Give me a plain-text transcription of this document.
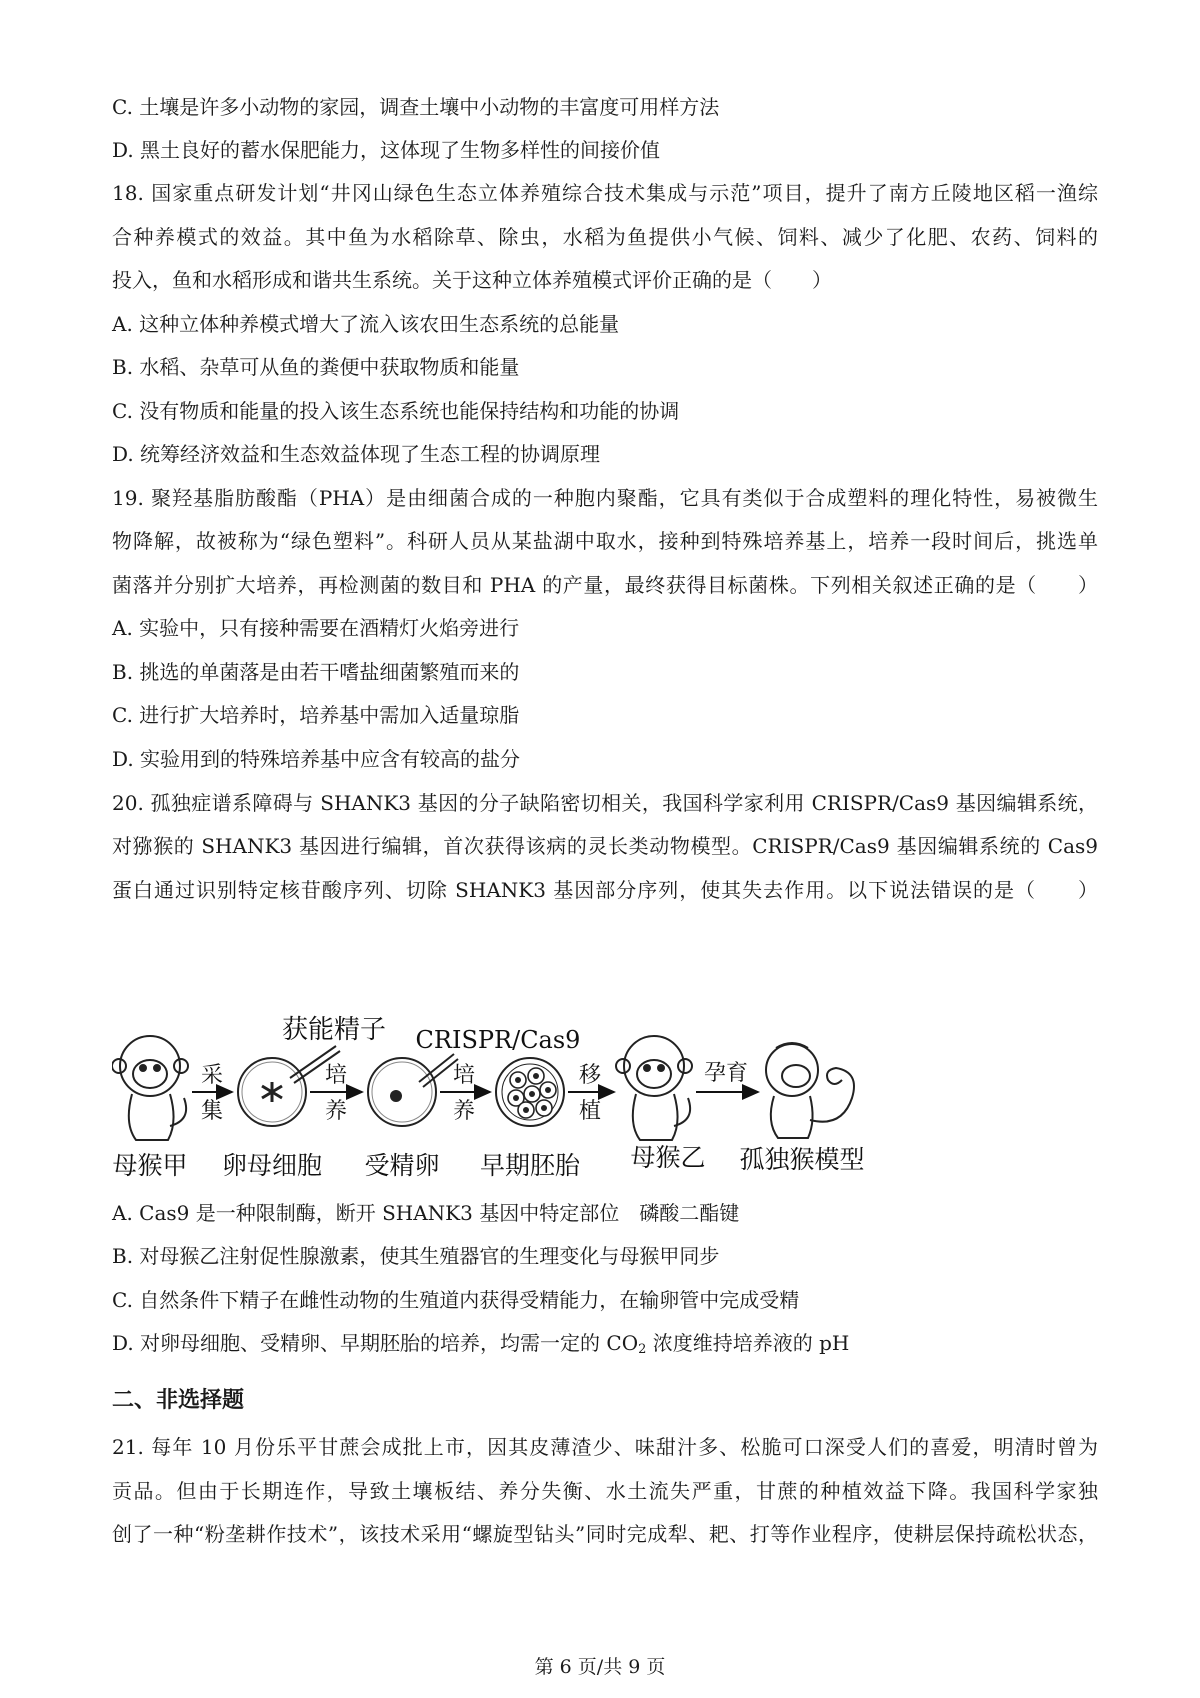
C. 土壤是许多小动物的家园，调查土壤中小动物的丰富度可用样方法
D. 黑土良好的蓄水保肥能力，这体现了生物多样性的间接价值
18. 国家重点研发计划“井冈山绿色生态立体养殖综合技术集成与示范”项目，提升了南方丘陵地区稻一渔综
合种养模式的效益。其中鱼为水稻除草、除虫，水稻为鱼提供小气候、饲料、减少了化肥、农药、饲料的
投入，鱼和水稻形成和谐共生系统。关于这种立体养殖模式评价正确的是（　　）
A. 这种立体种养模式增大了流入该农田生态系统的总能量
B. 水稻、杂草可从鱼的粪便中获取物质和能量
C. 没有物质和能量的投入该生态系统也能保持结构和功能的协调
D. 统筹经济效益和生态效益体现了生态工程的协调原理
19. 聚羟基脂肪酸酯（PHA）是由细菌合成的一种胞内聚酯，它具有类似于合成塑料的理化特性，易被微生
物降解，故被称为“绿色塑料”。科研人员从某盐湖中取水，接种到特殊培养基上，培养一段时间后，挑选单
菌落并分别扩大培养，再检测菌的数目和 PHA 的产量，最终获得目标菌株。下列相关叙述正确的是（　　）
A. 实验中，只有接种需要在酒精灯火焰旁进行
B. 挑选的单菌落是由若干嗜盐细菌繁殖而来的
C. 进行扩大培养时，培养基中需加入适量琼脂
D. 实验用到的特殊培养基中应含有较高的盐分
20. 孤独症谱系障碍与 SHANK3 基因的分子缺陷密切相关，我国科学家利用 CRISPR/Cas9 基因编辑系统，
对猕猴的 SHANK3 基因进行编辑，首次获得该病的灵长类动物模型。CRISPR/Cas9 基因编辑系统的 Cas9
蛋白通过识别特定核苷酸序列、切除 SHANK3 基因部分序列，使其失去作用。以下说法错误的是（　　）
采
集
培
养
培
养
移
植
孕育
获能精子 CRISPR/Cas9
母猴甲 卵母细胞 受精卵 早期胚胎 母猴乙 孤独猴模型
A. Cas9 是一种限制酶，断开 SHANK3 基因中特定部位　磷酸二酯键
B. 对母猴乙注射促性腺激素，使其生殖器官的生理变化与母猴甲同步
C. 自然条件下精子在雌性动物的生殖道内获得受精能力，在输卵管中完成受精
D. 对卵母细胞、受精卵、早期胚胎的培养，均需一定的 $CO_2$ 浓度维持培养液的 pH
二、非选择题
21. 每年 10 月份乐平甘蔗会成批上市，因其皮薄渣少、味甜汁多、松脆可口深受人们的喜爱，明清时曾为
贡品。但由于长期连作，导致土壤板结、养分失衡、水土流失严重，甘蔗的种植效益下降。我国科学家独
创了一种“粉垄耕作技术”，该技术采用“螺旋型钻头”同时完成犁、耙、打等作业程序，使耕层保持疏松状态，
第 6 页/共 9 页
